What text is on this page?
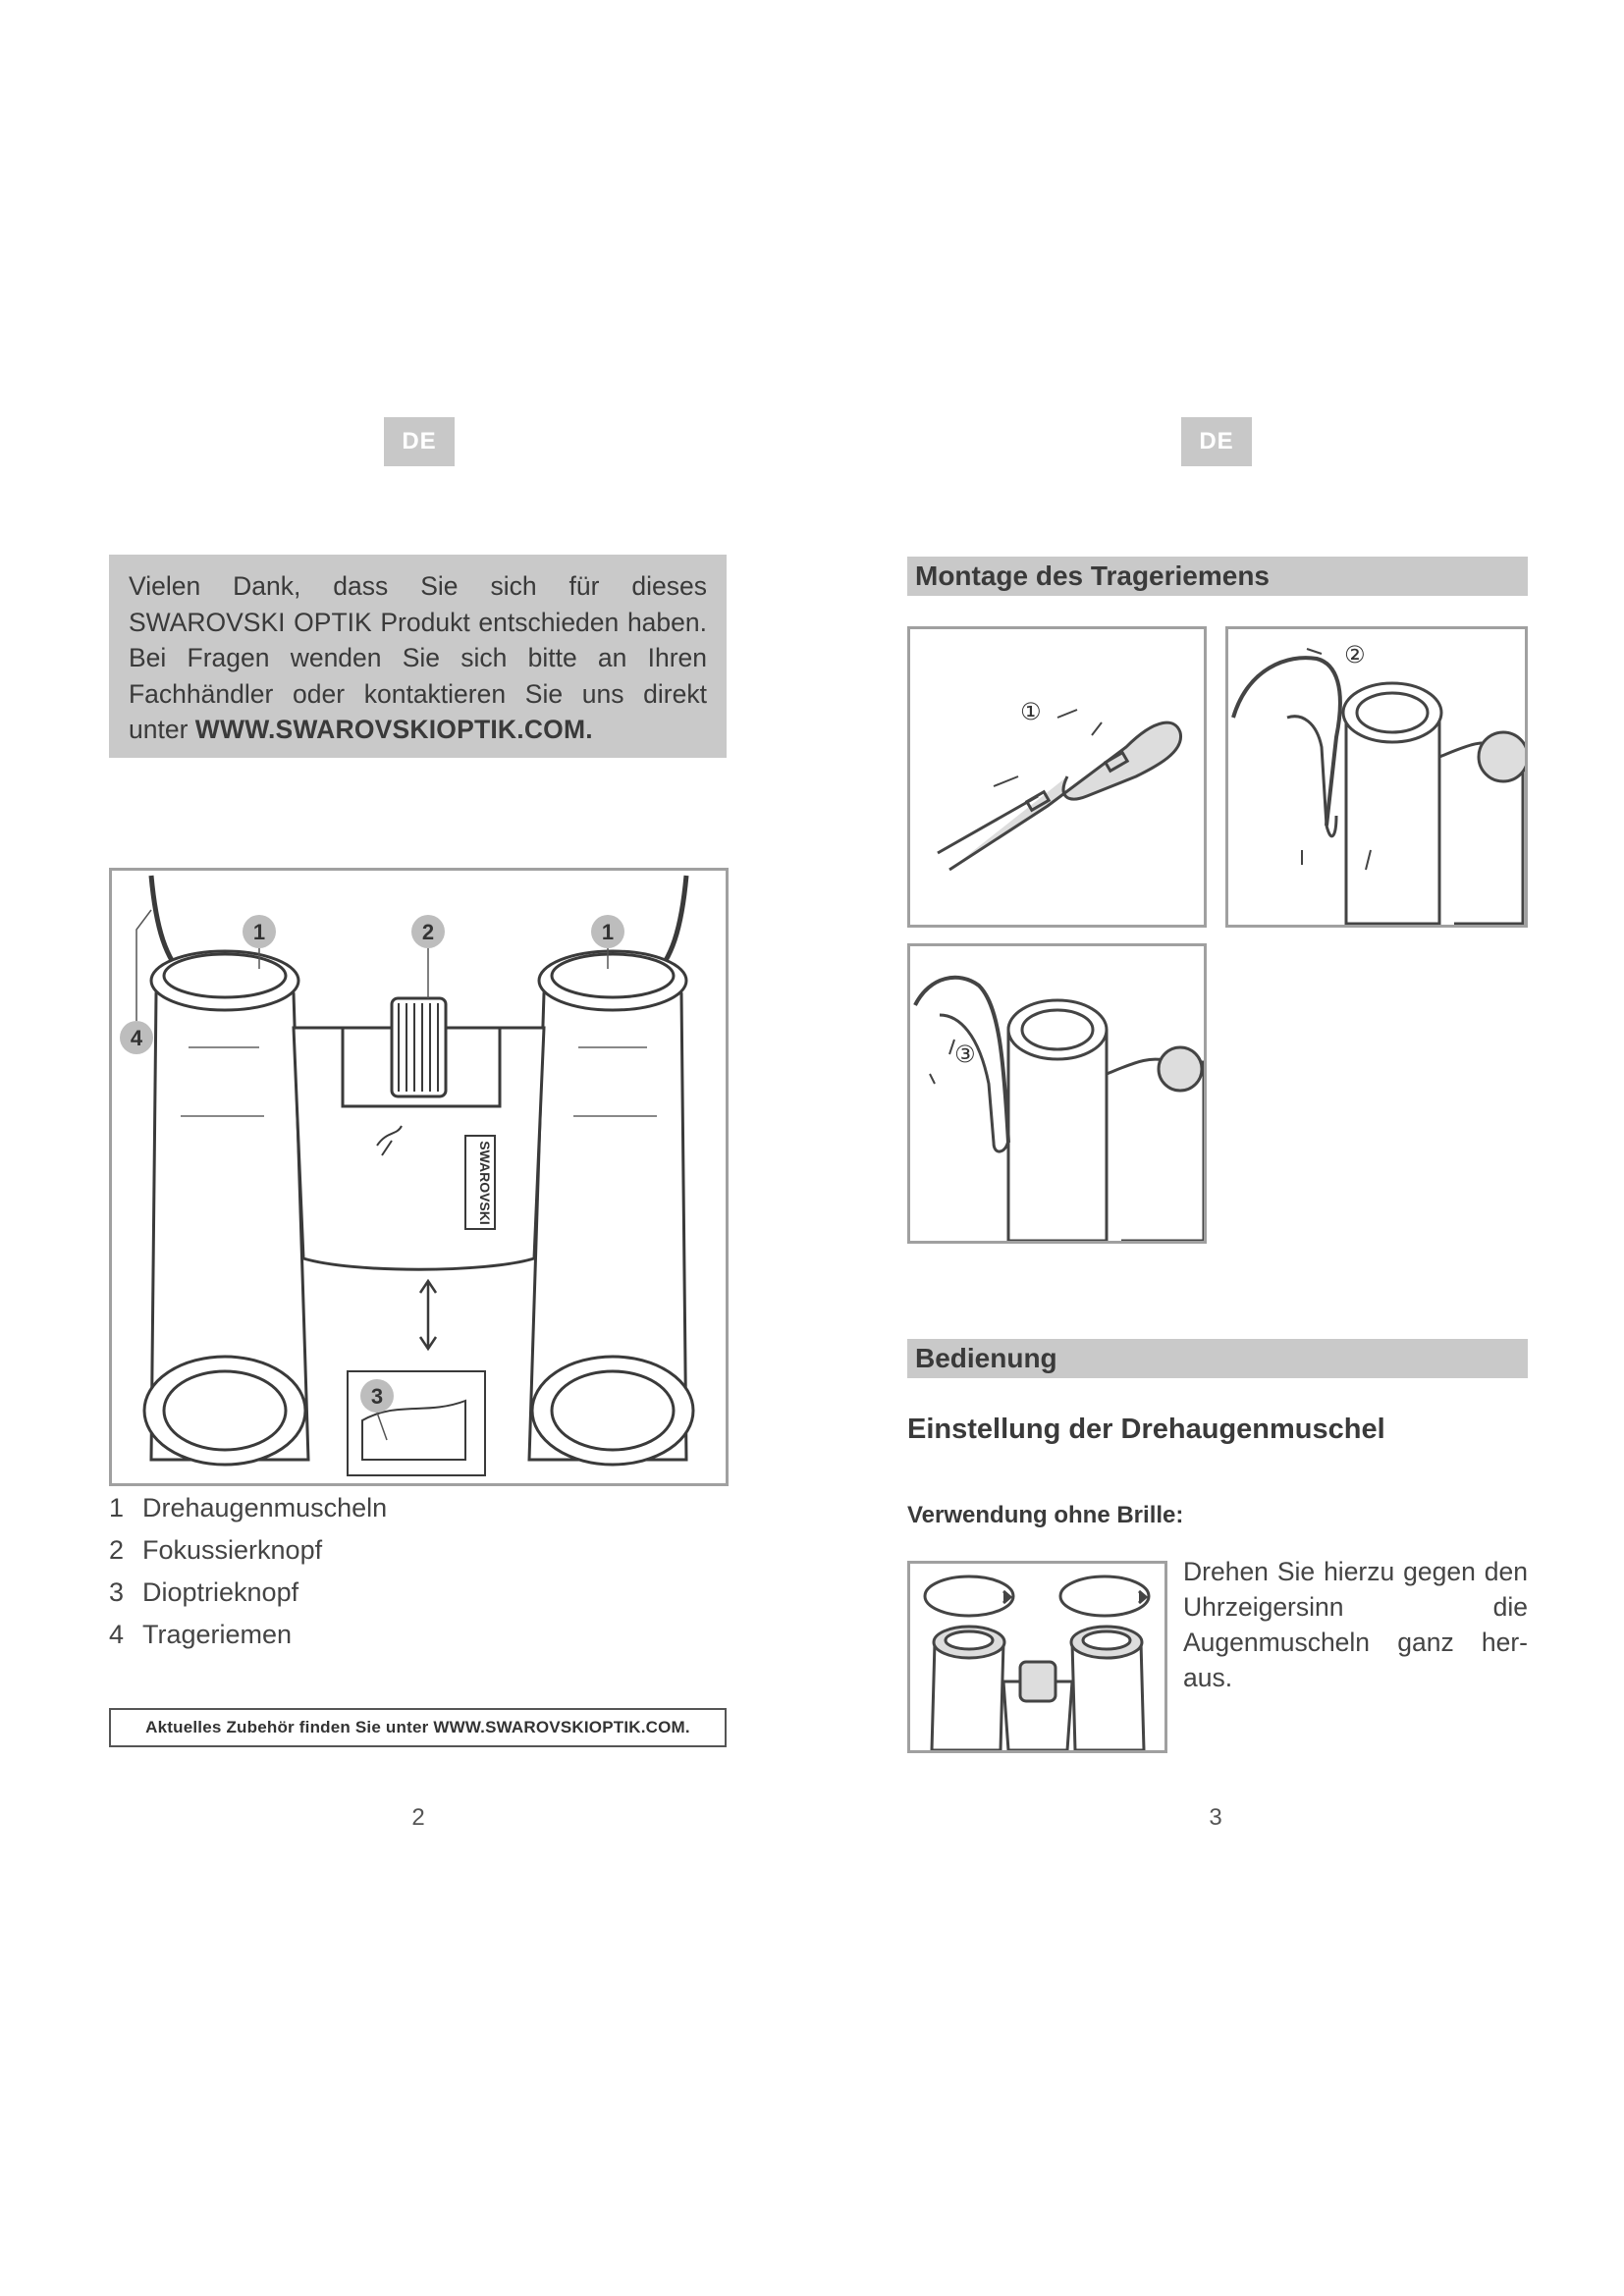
DE
Vielen Dank, dass Sie sich für dieses SWAROVSKI OPTIK Produkt entschieden haben. Bei Fragen wenden Sie sich bitte an Ihren Fachhändler oder kontaktieren Sie uns direkt unter WWW.SWAROVSKIOPTIK.COM.
SWAROVSKI
1	2	1
3
4
1 Drehaugenmuscheln
2 Fokussierknopf
3 Dioptrieknopf
4 Trageriemen
Aktuelles Zubehör finden Sie unter WWW.SWAROVSKIOPTIK.COM.
2
DE
Montage des Trageriemens
①
②
③
Bedienung
Einstellung der Drehaugenmuschel
Verwendung ohne Brille:
Drehen Sie hierzu gegen den Uhrzeigersinn die Augenmuscheln ganz her-aus.
3
